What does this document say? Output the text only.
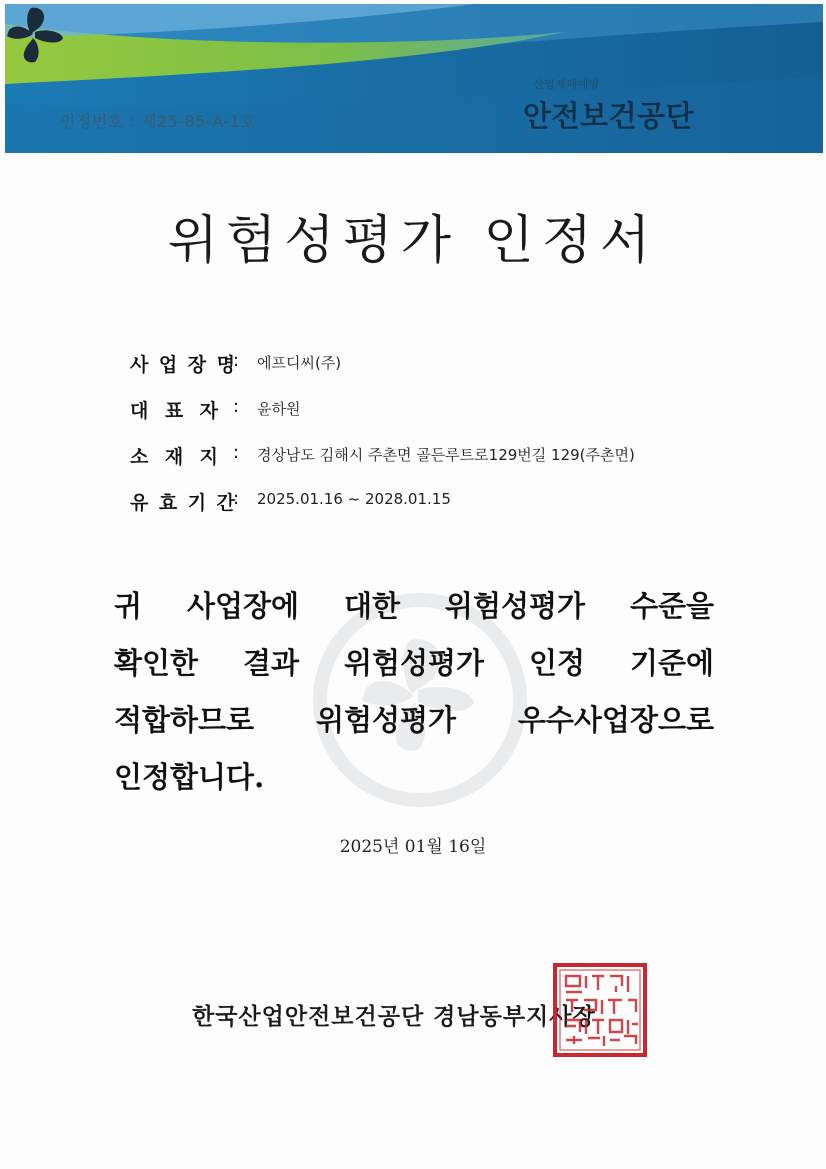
인정번호 : 제25-85-A-1호
산업재해예방
안전보건공단
위험성평가 인정서
사 업 장 명
: 에프디씨(주)
대 표 자 : 윤하원
소 재 지 : 경상남도 김해시 주촌면 골든루트로129번길 129(주촌면)
유 효 기 간
: 2025.01.16 ~ 2028.01.15
귀 사업장에 대한 위험성평가 수준을
확인한 결과 위험성평가 인정 기준에
적합하므로 위험성평가 우수사업장으로
인정합니다.
2025년 01월 16일
한국산업안전보건공단 경남동부지사장
